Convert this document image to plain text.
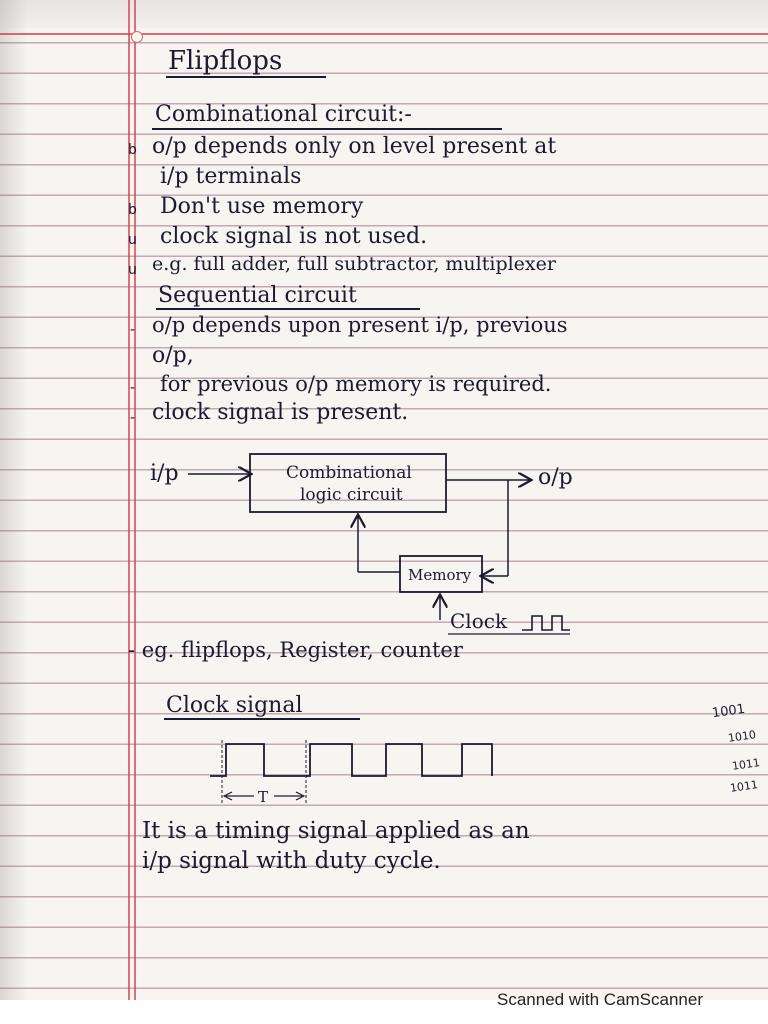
Flipflops
Combinational circuit:-
b o/p depends only on level present at
i/p terminals
b Don't use memory
u clock signal is not used.
u e.g. full adder, full subtractor, multiplexer
Sequential circuit
- o/p depends upon present i/p, previous
o/p,
- for previous o/p memory is required.
- clock signal is present.
i/p	Combinational
logic circuit
o/p
Memory
Clock
- eg. flipflops, Register, counter
Clock signal
T
1001
1010
1011
1011
It is a timing signal applied as an
i/p signal with duty cycle.
Scanned with CamScanner
